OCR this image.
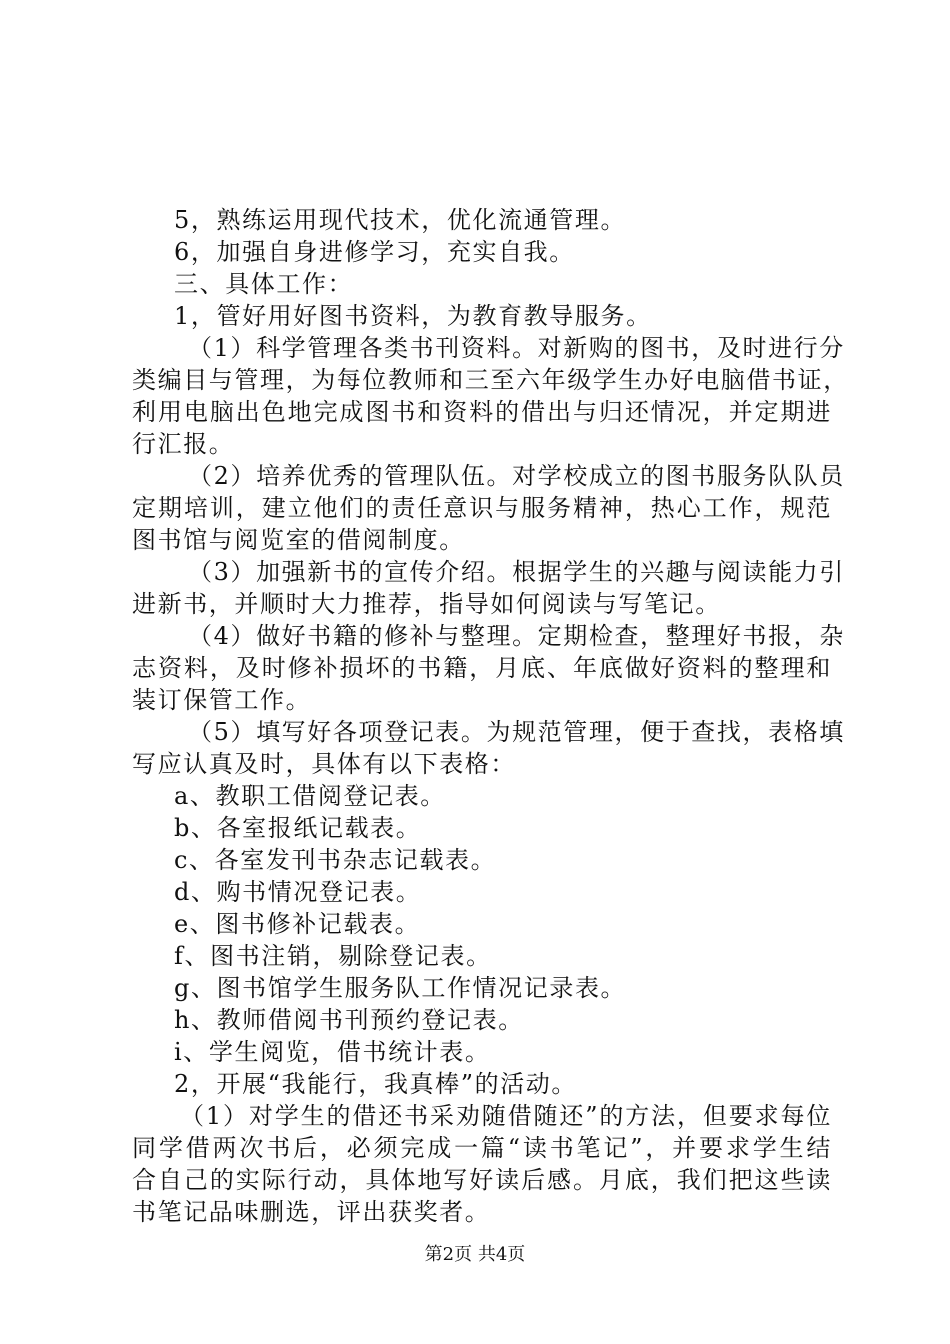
5，熟练运用现代技术，优化流通管理。
6，加强自身进修学习，充实自我。
三、具体工作：
1，管好用好图书资料，为教育教导服务。
（1）科学管理各类书刊资料。对新购的图书，及时进行分
类编目与管理，为每位教师和三至六年级学生办好电脑借书证，
利用电脑出色地完成图书和资料的借出与归还情况，并定期进
行汇报。
（2）培养优秀的管理队伍。对学校成立的图书服务队队员
定期培训，建立他们的责任意识与服务精神，热心工作，规范
图书馆与阅览室的借阅制度。
（3）加强新书的宣传介绍。根据学生的兴趣与阅读能力引
进新书，并顺时大力推荐，指导如何阅读与写笔记。
（4）做好书籍的修补与整理。定期检查，整理好书报，杂
志资料，及时修补损坏的书籍，月底、年底做好资料的整理和
装订保管工作。
（5）填写好各项登记表。为规范管理，便于查找，表格填
写应认真及时，具体有以下表格：
a、教职工借阅登记表。
b、各室报纸记载表。
c、各室发刊书杂志记载表。
d、购书情况登记表。
e、图书修补记载表。
f、图书注销，剔除登记表。
g、图书馆学生服务队工作情况记录表。
h、教师借阅书刊预约登记表。
i、学生阅览，借书统计表。
2，开展“我能行，我真棒”的活动。
（1）对学生的借还书采劝随借随还”的方法，但要求每位
同学借两次书后，必须完成一篇“读书笔记”，并要求学生结
合自己的实际行动，具体地写好读后感。月底，我们把这些读
书笔记品味删选，评出获奖者。
第2页 共4页
